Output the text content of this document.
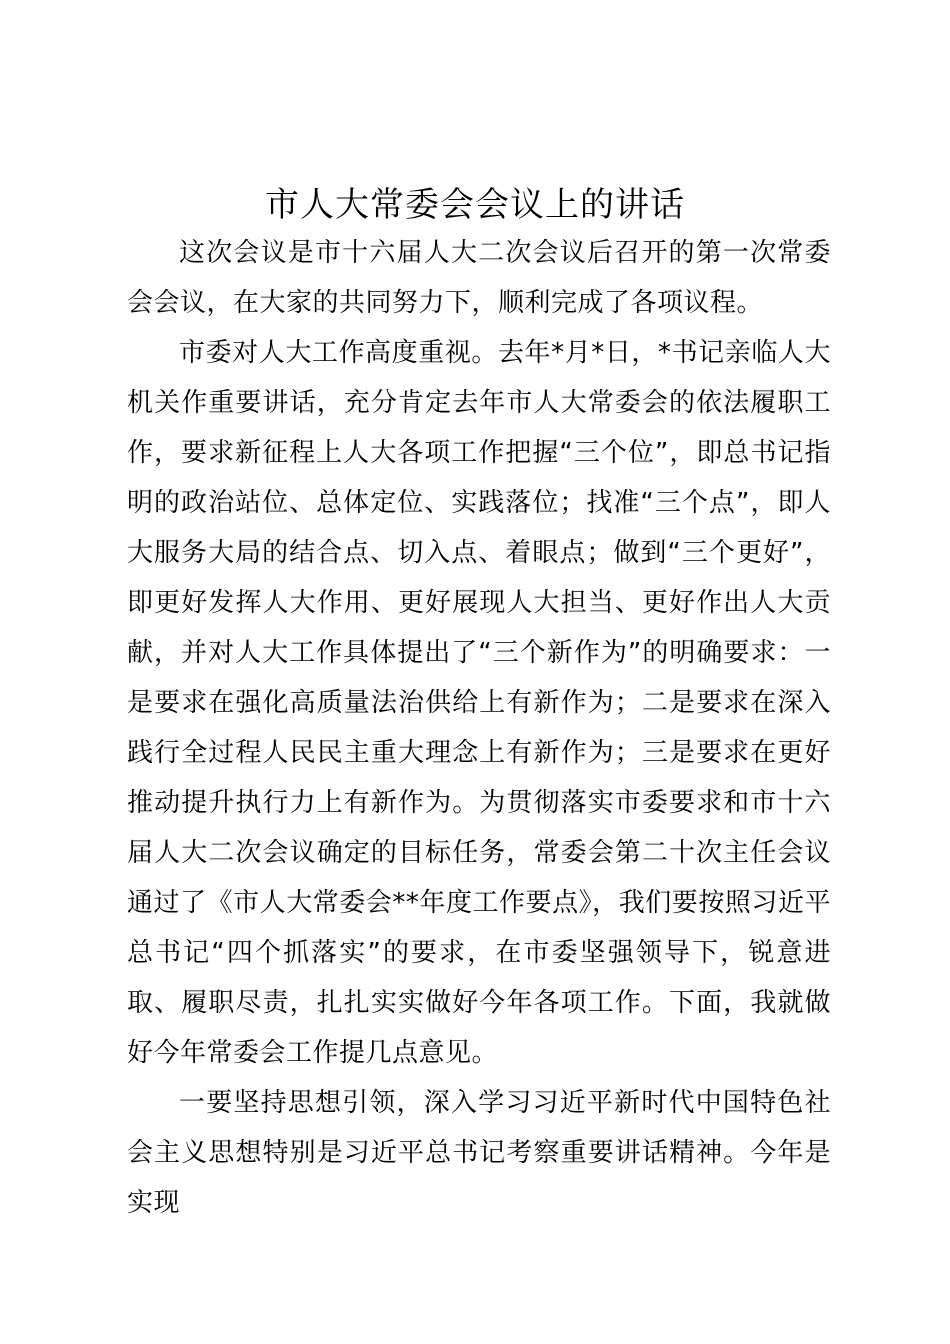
市人大常委会会议上的讲话

这次会议是市十六届人大二次会议后召开的第一次常委会会议，在大家的共同努力下，顺利完成了各项议程。

市委对人大工作高度重视。去年*月*日，*书记亲临人大机关作重要讲话，充分肯定去年市人大常委会的依法履职工作，要求新征程上人大各项工作把握“三个位”，即总书记指明的政治站位、总体定位、实践落位；找准“三个点”，即人大服务大局的结合点、切入点、着眼点；做到“三个更好”，即更好发挥人大作用、更好展现人大担当、更好作出人大贡献，并对人大工作具体提出了“三个新作为”的明确要求：一是要求在强化高质量法治供给上有新作为；二是要求在深入践行全过程人民民主重大理念上有新作为；三是要求在更好推动提升执行力上有新作为。为贯彻落实市委要求和市十六届人大二次会议确定的目标任务，常委会第二十次主任会议通过了《市人大常委会**年度工作要点》，我们要按照习近平总书记“四个抓落实”的要求，在市委坚强领导下，锐意进取、履职尽责，扎扎实实做好今年各项工作。下面，我就做好今年常委会工作提几点意见。

一要坚持思想引领，深入学习习近平新时代中国特色社会主义思想特别是习近平总书记考察重要讲话精神。今年是实现
